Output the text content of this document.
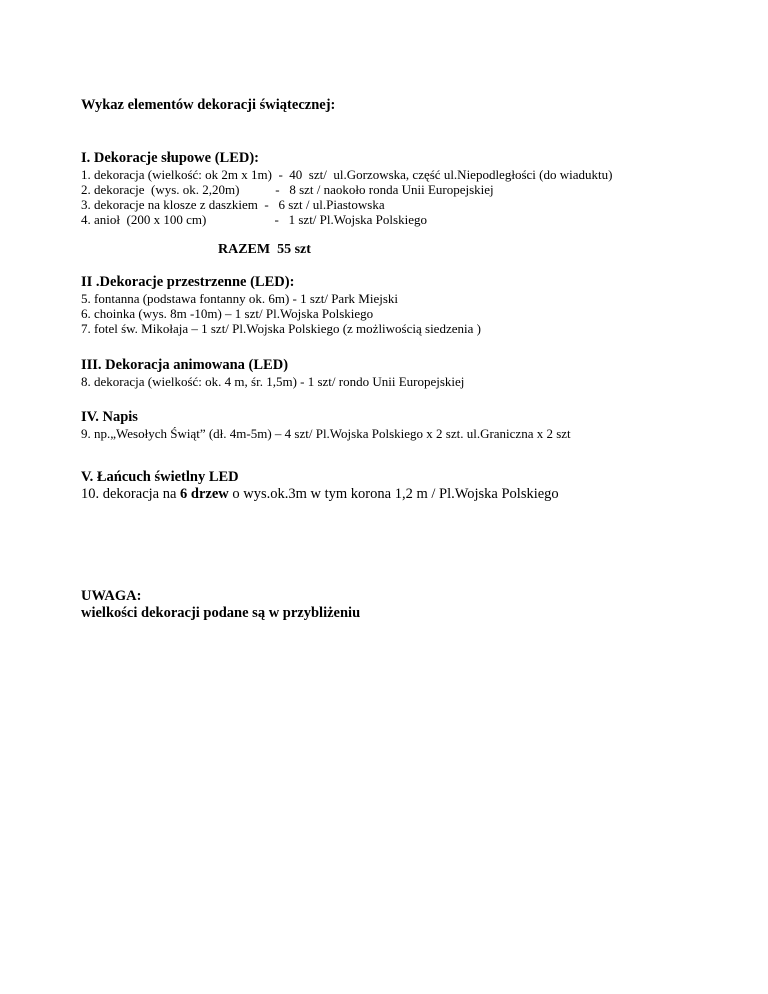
Wykaz elementów dekoracji świątecznej:
I. Dekoracje słupowe (LED):
1. dekoracja (wielkość: ok 2m x 1m)  -  40  szt/  ul.Gorzowska, część ul.Niepodległości (do wiaduktu)
2. dekoracje  (wys. ok. 2,20m)           -   8 szt / naokoło ronda Unii Europejskiej
3. dekoracje na klosze z daszkiem  -   6 szt / ul.Piastowska
4. anioł  (200 x 100 cm)                     -   1 szt/ Pl.Wojska Polskiego
RAZEM  55 szt
II .Dekoracje przestrzenne (LED):
5. fontanna (podstawa fontanny ok. 6m) - 1 szt/ Park Miejski
6. choinka (wys. 8m -10m) – 1 szt/ Pl.Wojska Polskiego
7. fotel św. Mikołaja – 1 szt/ Pl.Wojska Polskiego (z możliwością siedzenia )
III. Dekoracja animowana (LED)
8. dekoracja (wielkość: ok. 4 m, śr. 1,5m) - 1 szt/ rondo Unii Europejskiej
IV. Napis
9. np.„Wesołych Świąt” (dł. 4m-5m) – 4 szt/ Pl.Wojska Polskiego x 2 szt. ul.Graniczna x 2 szt
V. Łańcuch świetlny LED
10. dekoracja na 6 drzew o wys.ok.3m w tym korona 1,2 m / Pl.Wojska Polskiego
UWAGA:
wielkości dekoracji podane są w przybliżeniu
